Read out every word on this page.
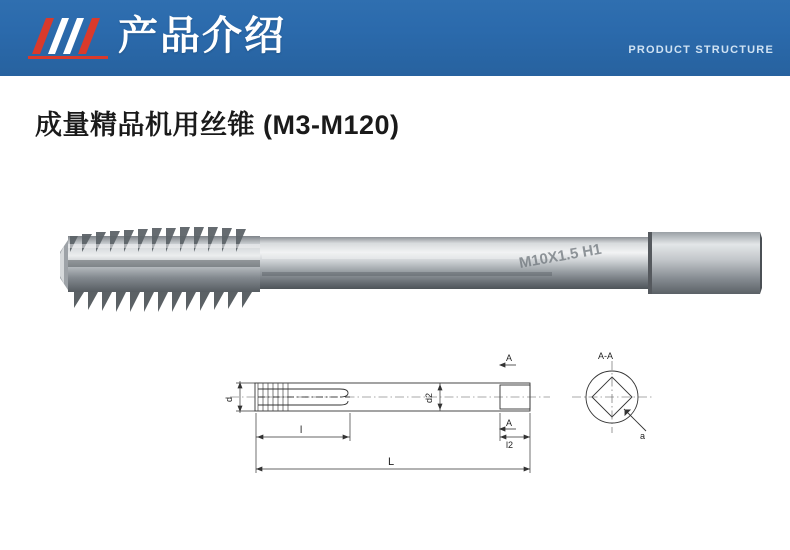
产品介绍	PRODUCT STRUCTURE
成量精品机用丝锥 (M3-M120)
M10X1.5 H1
d	d2
l
l2
L
A
A
A-A
a
